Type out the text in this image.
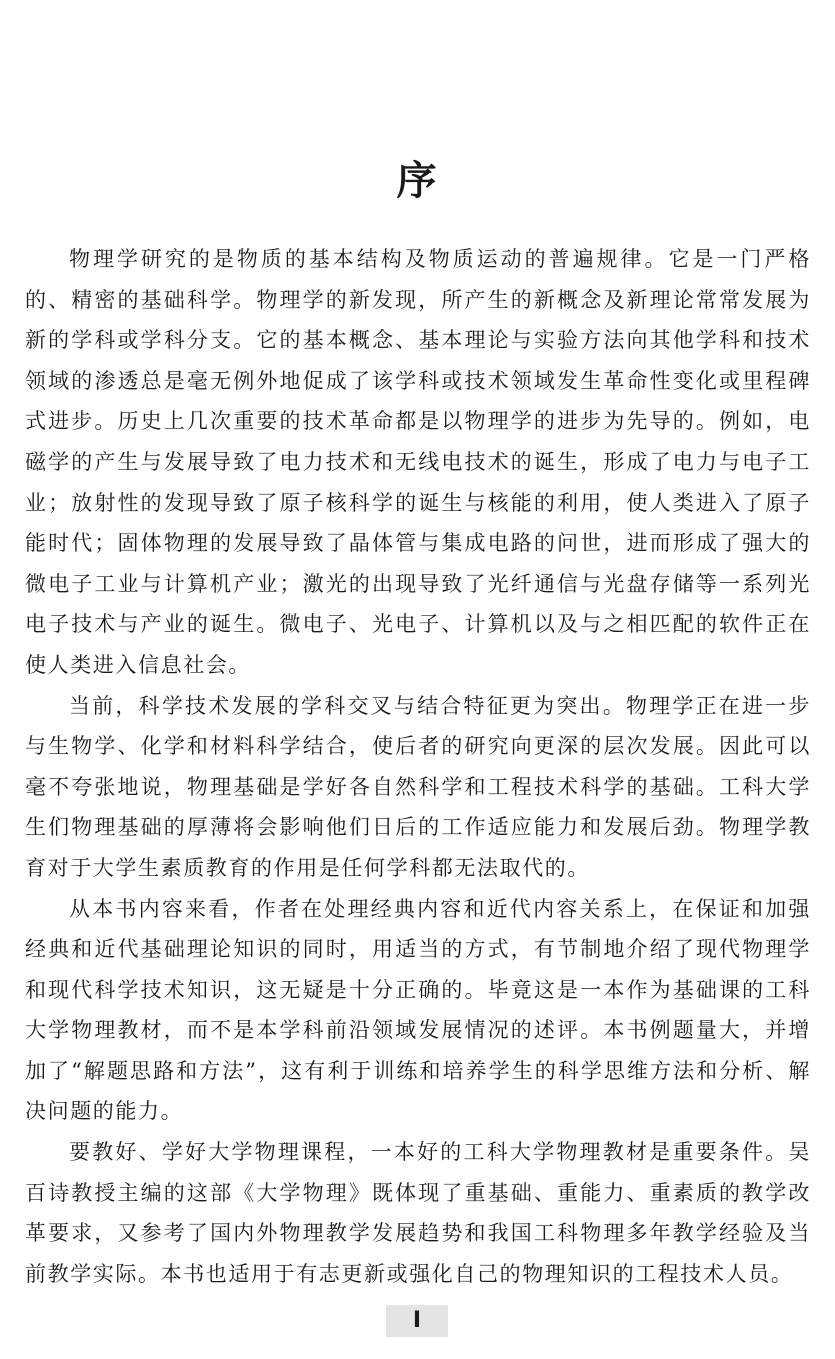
序

物理学研究的是物质的基本结构及物质运动的普遍规律。它是一门严格的、精密的基础科学。物理学的新发现，所产生的新概念及新理论常常发展为新的学科或学科分支。它的基本概念、基本理论与实验方法向其他学科和技术领域的渗透总是毫无例外地促成了该学科或技术领域发生革命性变化或里程碑式进步。历史上几次重要的技术革命都是以物理学的进步为先导的。例如，电磁学的产生与发展导致了电力技术和无线电技术的诞生，形成了电力与电子工业；放射性的发现导致了原子核科学的诞生与核能的利用，使人类进入了原子能时代；固体物理的发展导致了晶体管与集成电路的问世，进而形成了强大的微电子工业与计算机产业；激光的出现导致了光纤通信与光盘存储等一系列光电子技术与产业的诞生。微电子、光电子、计算机以及与之相匹配的软件正在使人类进入信息社会。

当前，科学技术发展的学科交叉与结合特征更为突出。物理学正在进一步与生物学、化学和材料科学结合，使后者的研究向更深的层次发展。因此可以毫不夸张地说，物理基础是学好各自然科学和工程技术科学的基础。工科大学生们物理基础的厚薄将会影响他们日后的工作适应能力和发展后劲。物理学教育对于大学生素质教育的作用是任何学科都无法取代的。

从本书内容来看，作者在处理经典内容和近代内容关系上，在保证和加强经典和近代基础理论知识的同时，用适当的方式，有节制地介绍了现代物理学和现代科学技术知识，这无疑是十分正确的。毕竟这是一本作为基础课的工科大学物理教材，而不是本学科前沿领域发展情况的述评。本书例题量大，并增加了“解题思路和方法”，这有利于训练和培养学生的科学思维方法和分析、解决问题的能力。

要教好、学好大学物理课程，一本好的工科大学物理教材是重要条件。吴百诗教授主编的这部《大学物理》既体现了重基础、重能力、重素质的教学改革要求，又参考了国内外物理教学发展趋势和我国工科物理多年教学经验及当前教学实际。本书也适用于有志更新或强化自己的物理知识的工程技术人员。

I
